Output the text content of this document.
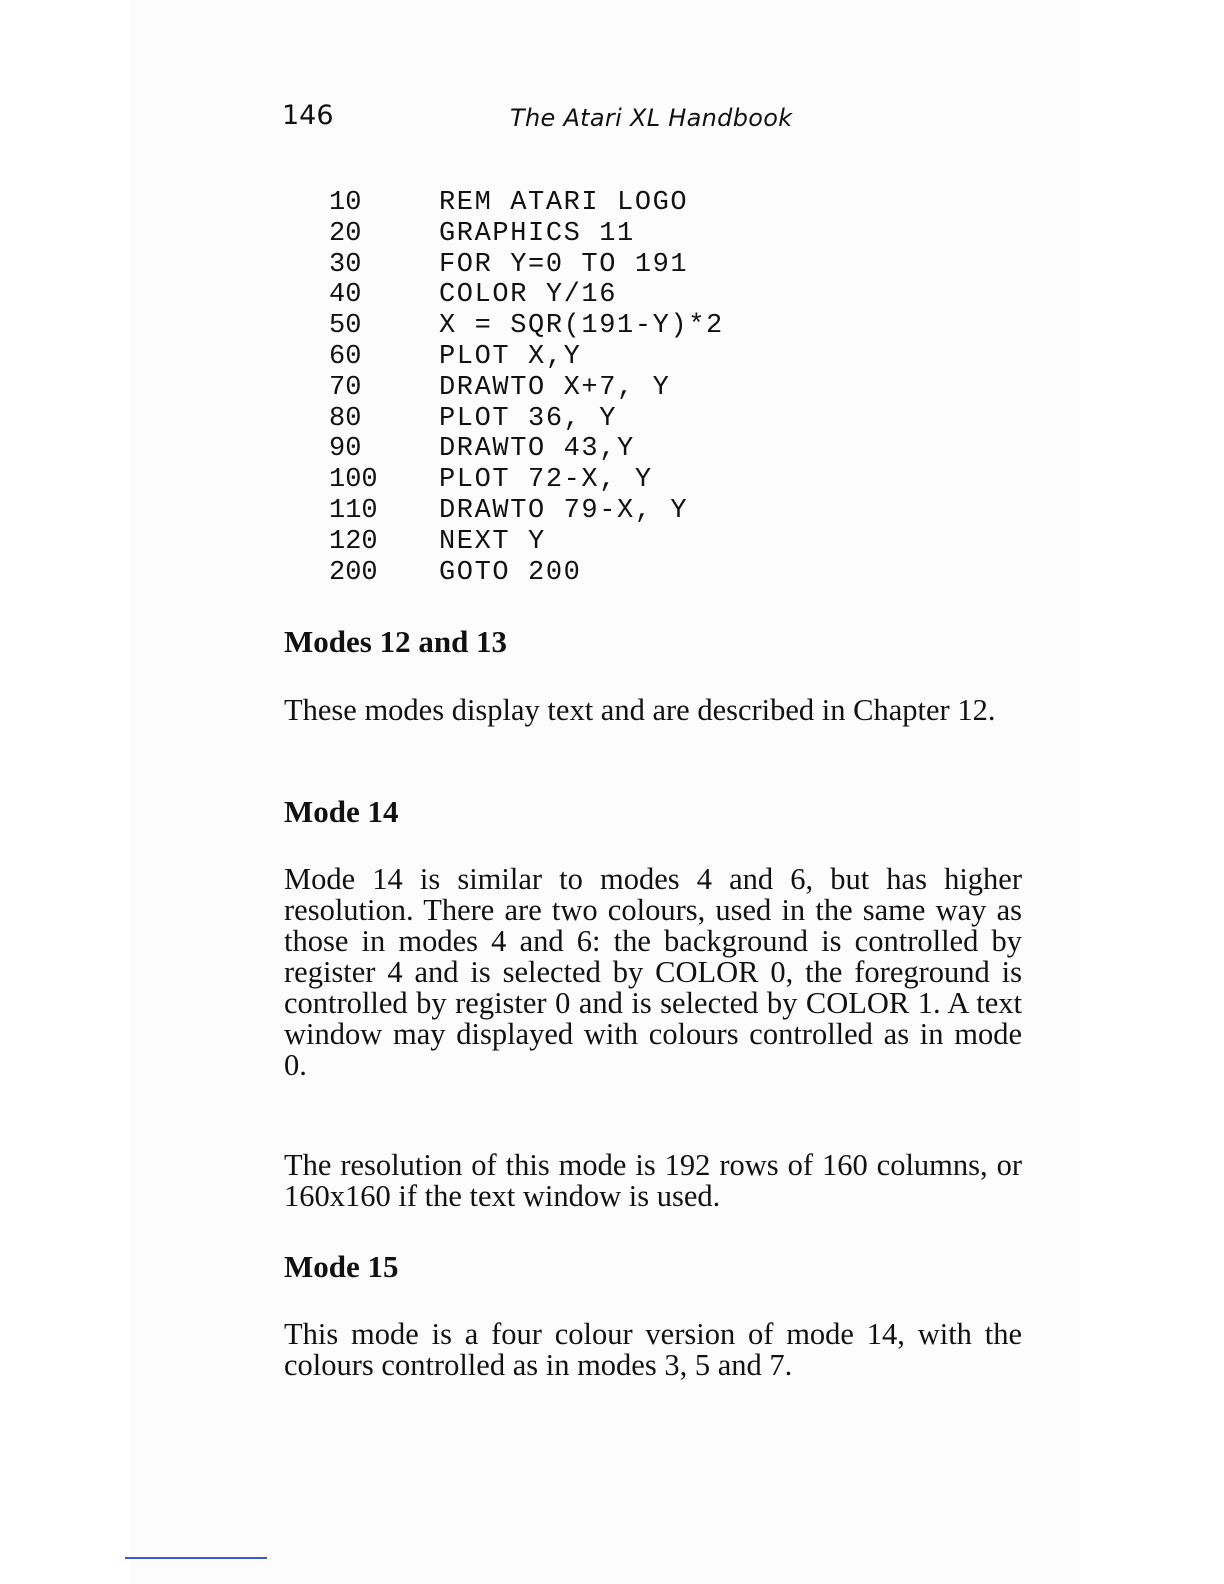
146	The Atari XL Handbook
10	REM ATARI LOGO
20	GRAPHICS 11
30	FOR Y=0 TO 191
40	COLOR Y/16
50	X = SQR(191-Y)*2
60	PLOT X,Y
70	DRAWTO X+7, Y
80	PLOT 36, Y
90	DRAWTO 43,Y
100 PLOT 72-X, Y
110 DRAWTO 79-X, Y
120 NEXT Y
200 GOTO 200
Modes 12 and 13
These modes display text and are described in Chapter 12.
Mode 14
Mode 14 is similar to modes 4 and 6, but has higher resolution. There are two colours, used in the same way as those in modes 4 and 6: the background is controlled by register 4 and is selected by COLOR 0, the foreground is controlled by register 0 and is selected by COLOR 1. A text window may displayed with colours controlled as in mode 0.
The resolution of this mode is 192 rows of 160 columns, or 160x160 if the text window is used.
Mode 15
This mode is a four colour version of mode 14, with the colours controlled as in modes 3, 5 and 7.
